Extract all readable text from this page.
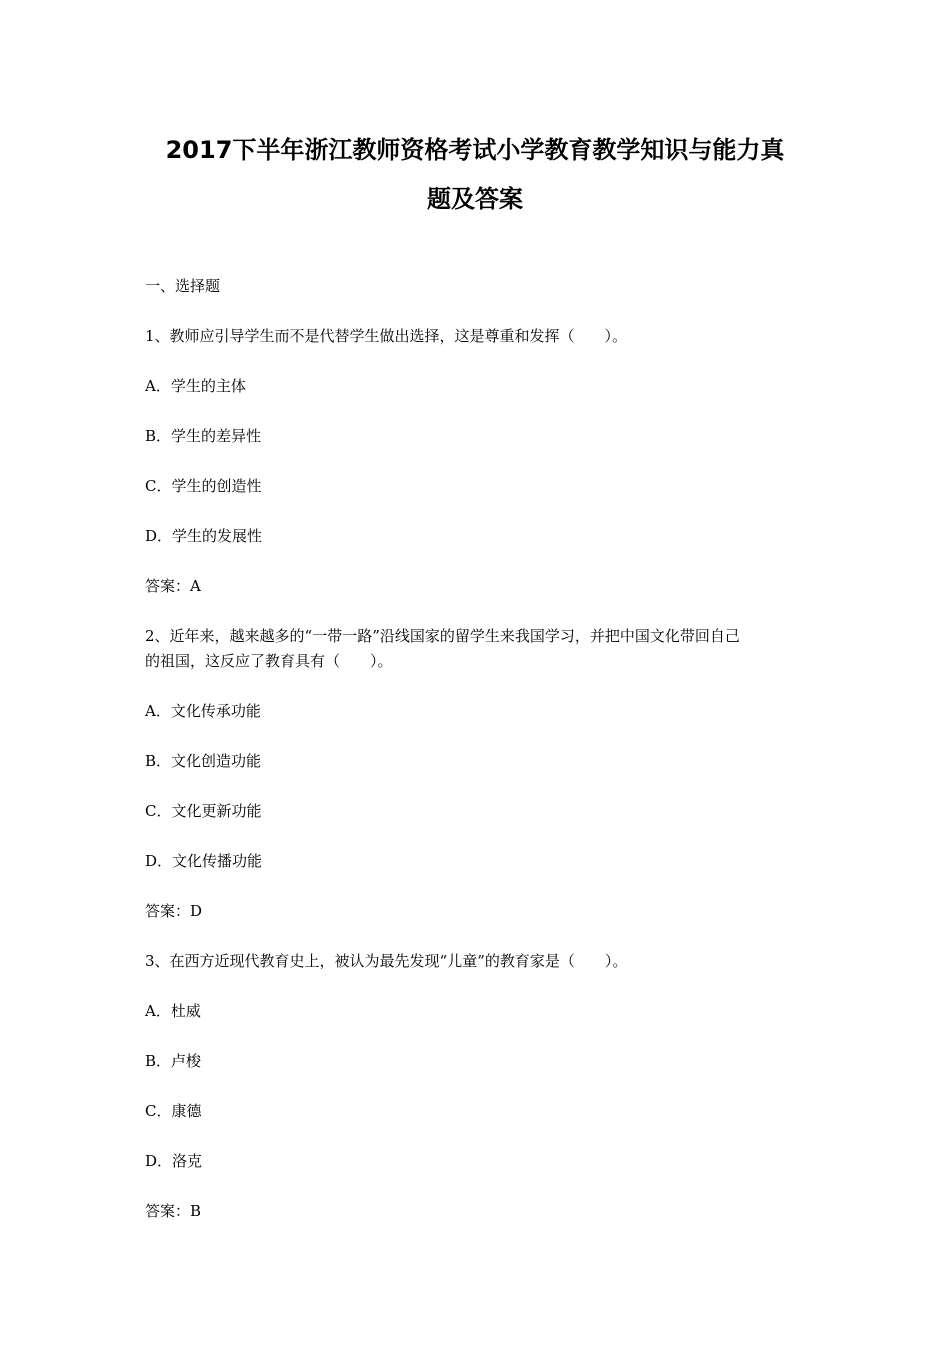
2017下半年浙江教师资格考试小学教育教学知识与能力真
题及答案
一、选择题
1、教师应引导学生而不是代替学生做出选择，这是尊重和发挥（　　）。
A．学生的主体
B．学生的差异性
C．学生的创造性
D．学生的发展性
答案：A
2、近年来，越来越多的“一带一路”沿线国家的留学生来我国学习，并把中国文化带回自己
的祖国，这反应了教育具有（　　）。
A．文化传承功能
B．文化创造功能
C．文化更新功能
D．文化传播功能
答案：D
3、在西方近现代教育史上，被认为最先发现“儿童”的教育家是（　　）。
A．杜威
B．卢梭
C．康德
D．洛克
答案：B
